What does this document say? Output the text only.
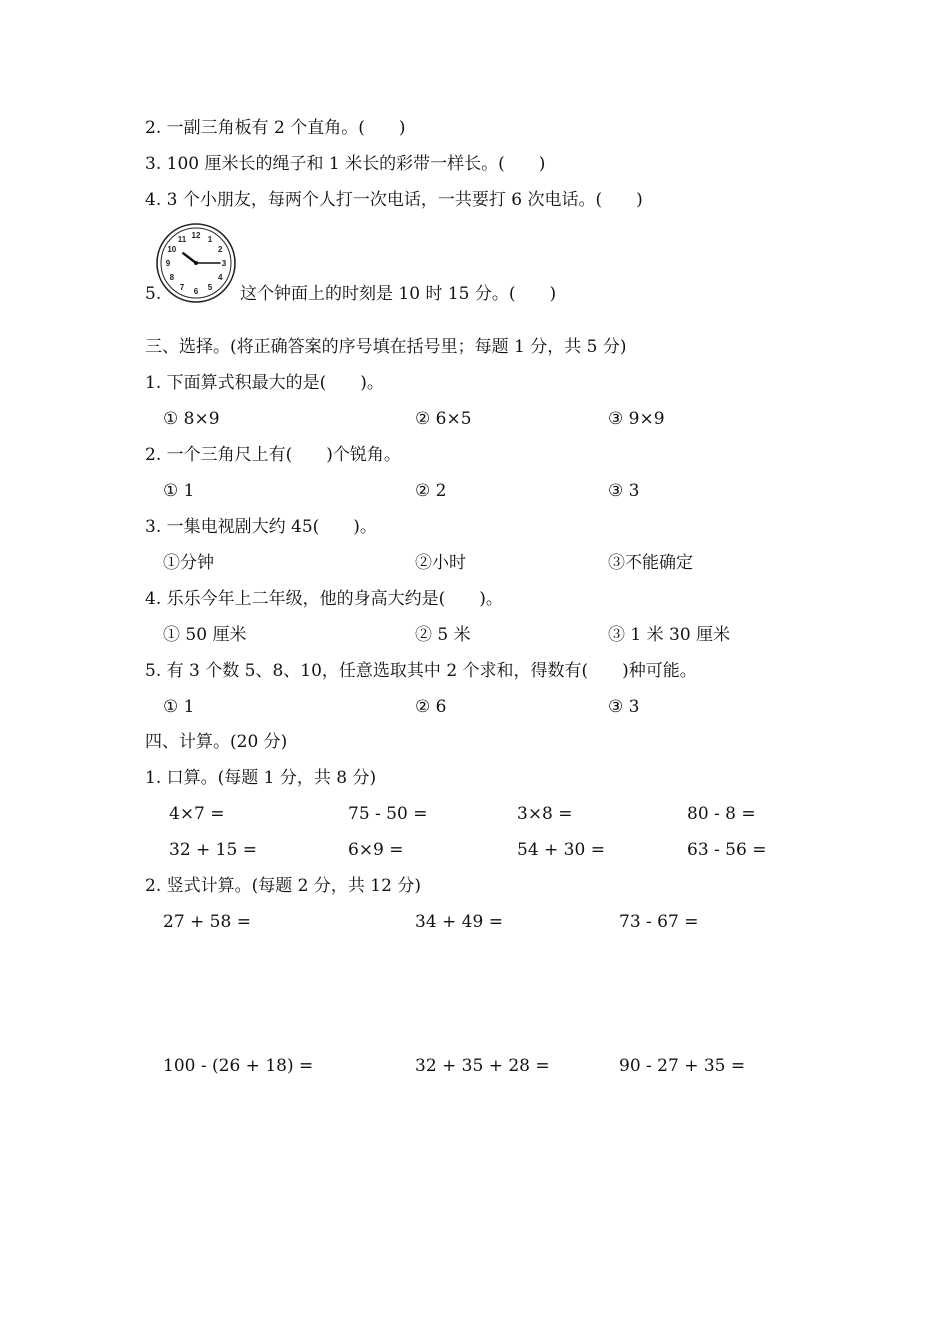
2. 一副三角板有 2 个直角。(　　)
3. 100 厘米长的绳子和 1 米长的彩带一样长。(　　)
4. 3 个小朋友，每两个人打一次电话，一共要打 6 次电话。(　　)
12 1
2
3
4
5
6
7
8
9
10
11
5.	这个钟面上的时刻是 10 时 15 分。(　　)
三、选择。(将正确答案的序号填在括号里；每题 1 分，共 5 分)
1. 下面算式积最大的是(　　)。
① 8×9	② 6×5	③ 9×9
2. 一个三角尺上有(　　)个锐角。
① 1	② 2	③ 3
3. 一集电视剧大约 45(　　)。
①分钟	②小时	③不能确定
4. 乐乐今年上二年级，他的身高大约是(　　)。
① 50 厘米	② 5 米	③ 1 米 30 厘米
5. 有 3 个数 5、8、10，任意选取其中 2 个求和，得数有(　　)种可能。
① 1	② 6	③ 3
四、计算。(20 分)
1. 口算。(每题 1 分，共 8 分)
4×7 =	75 - 50 =	3×8 =	80 - 8 =
32 + 15 =	6×9 =	54 + 30 =	63 - 56 =
2. 竖式计算。(每题 2 分，共 12 分)
27 + 58 =	34 + 49 =	73 - 67 =
100 - (26 + 18) =	32 + 35 + 28 =	90 - 27 + 35 =
